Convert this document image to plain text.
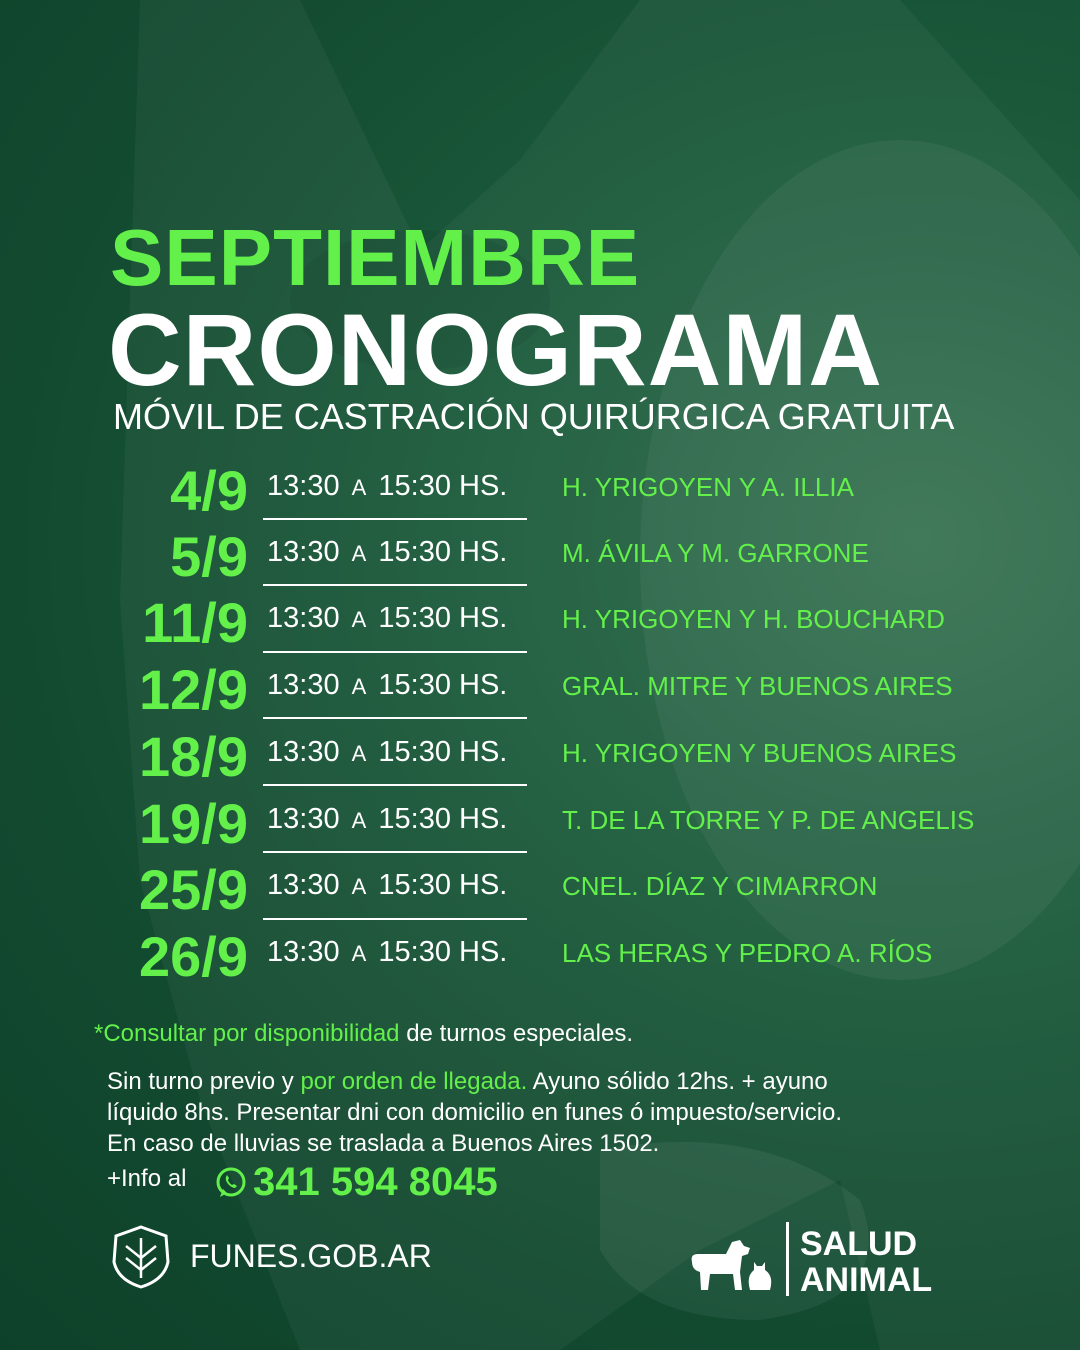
SEPTIEMBRE
CRONOGRAMA
MÓVIL DE CASTRACIÓN QUIRÚRGICA GRATUITA
4/9 13:30 A 15:30 HS. H. YRIGOYEN Y A. ILLIA
5/9 13:30 A 15:30 HS. M. ÁVILA Y M. GARRONE
11/9 13:30 A 15:30 HS. H. YRIGOYEN Y H. BOUCHARD
12/9 13:30 A 15:30 HS. GRAL. MITRE Y BUENOS AIRES
18/9 13:30 A 15:30 HS. H. YRIGOYEN Y BUENOS AIRES
19/9 13:30 A 15:30 HS. T. DE LA TORRE Y P. DE ANGELIS
25/9 13:30 A 15:30 HS. CNEL. DÍAZ Y CIMARRON
26/9 13:30 A 15:30 HS. LAS HERAS Y PEDRO A. RÍOS
*Consultar por disponibilidad de turnos especiales.
Sin turno previo y por orden de llegada. Ayuno sólido 12hs. + ayuno
líquido 8hs. Presentar dni con domicilio en funes ó impuesto/servicio.
En caso de lluvias se traslada a Buenos Aires 1502.
+Info al 341 594 8045
FUNES.GOB.AR	SALUD
ANIMAL
